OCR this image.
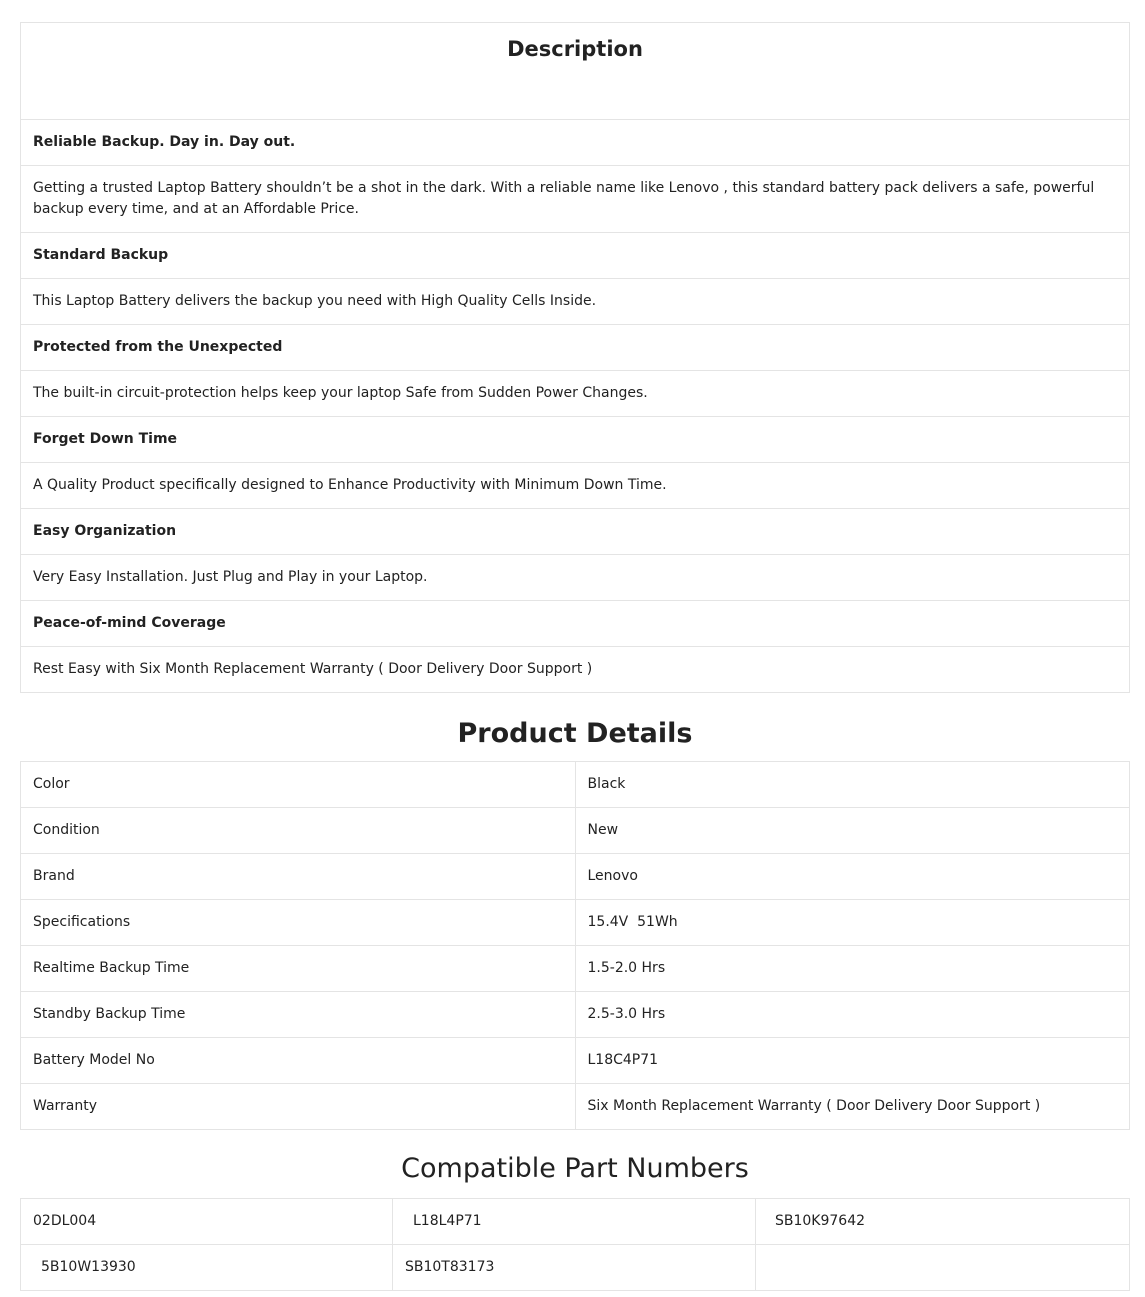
Description
Reliable Backup. Day in. Day out.
Getting a trusted Laptop Battery shouldn’t be a shot in the dark. With a reliable name like Lenovo , this standard battery pack delivers a safe, powerful backup every time, and at an Affordable Price.
Standard Backup
This Laptop Battery delivers the backup you need with High Quality Cells Inside.
Protected from the Unexpected
The built-in circuit-protection helps keep your laptop Safe from Sudden Power Changes.
Forget Down Time
A Quality Product specifically designed to Enhance Productivity with Minimum Down Time.
Easy Organization
Very Easy Installation. Just Plug and Play in your Laptop.
Peace-of-mind Coverage
Rest Easy with Six Month Replacement Warranty ( Door Delivery Door Support )
Product Details
Color	Black
Condition	New
Brand	Lenovo
Specifications	15.4V  51Wh
Realtime Backup Time	1.5-2.0 Hrs
Standby Backup Time	2.5-3.0 Hrs
Battery Model No	L18C4P71
Warranty	Six Month Replacement Warranty ( Door Delivery Door Support )
Compatible Part Numbers
02DL004	L18L4P71	SB10K97642
5B10W13930	SB10T83173	
